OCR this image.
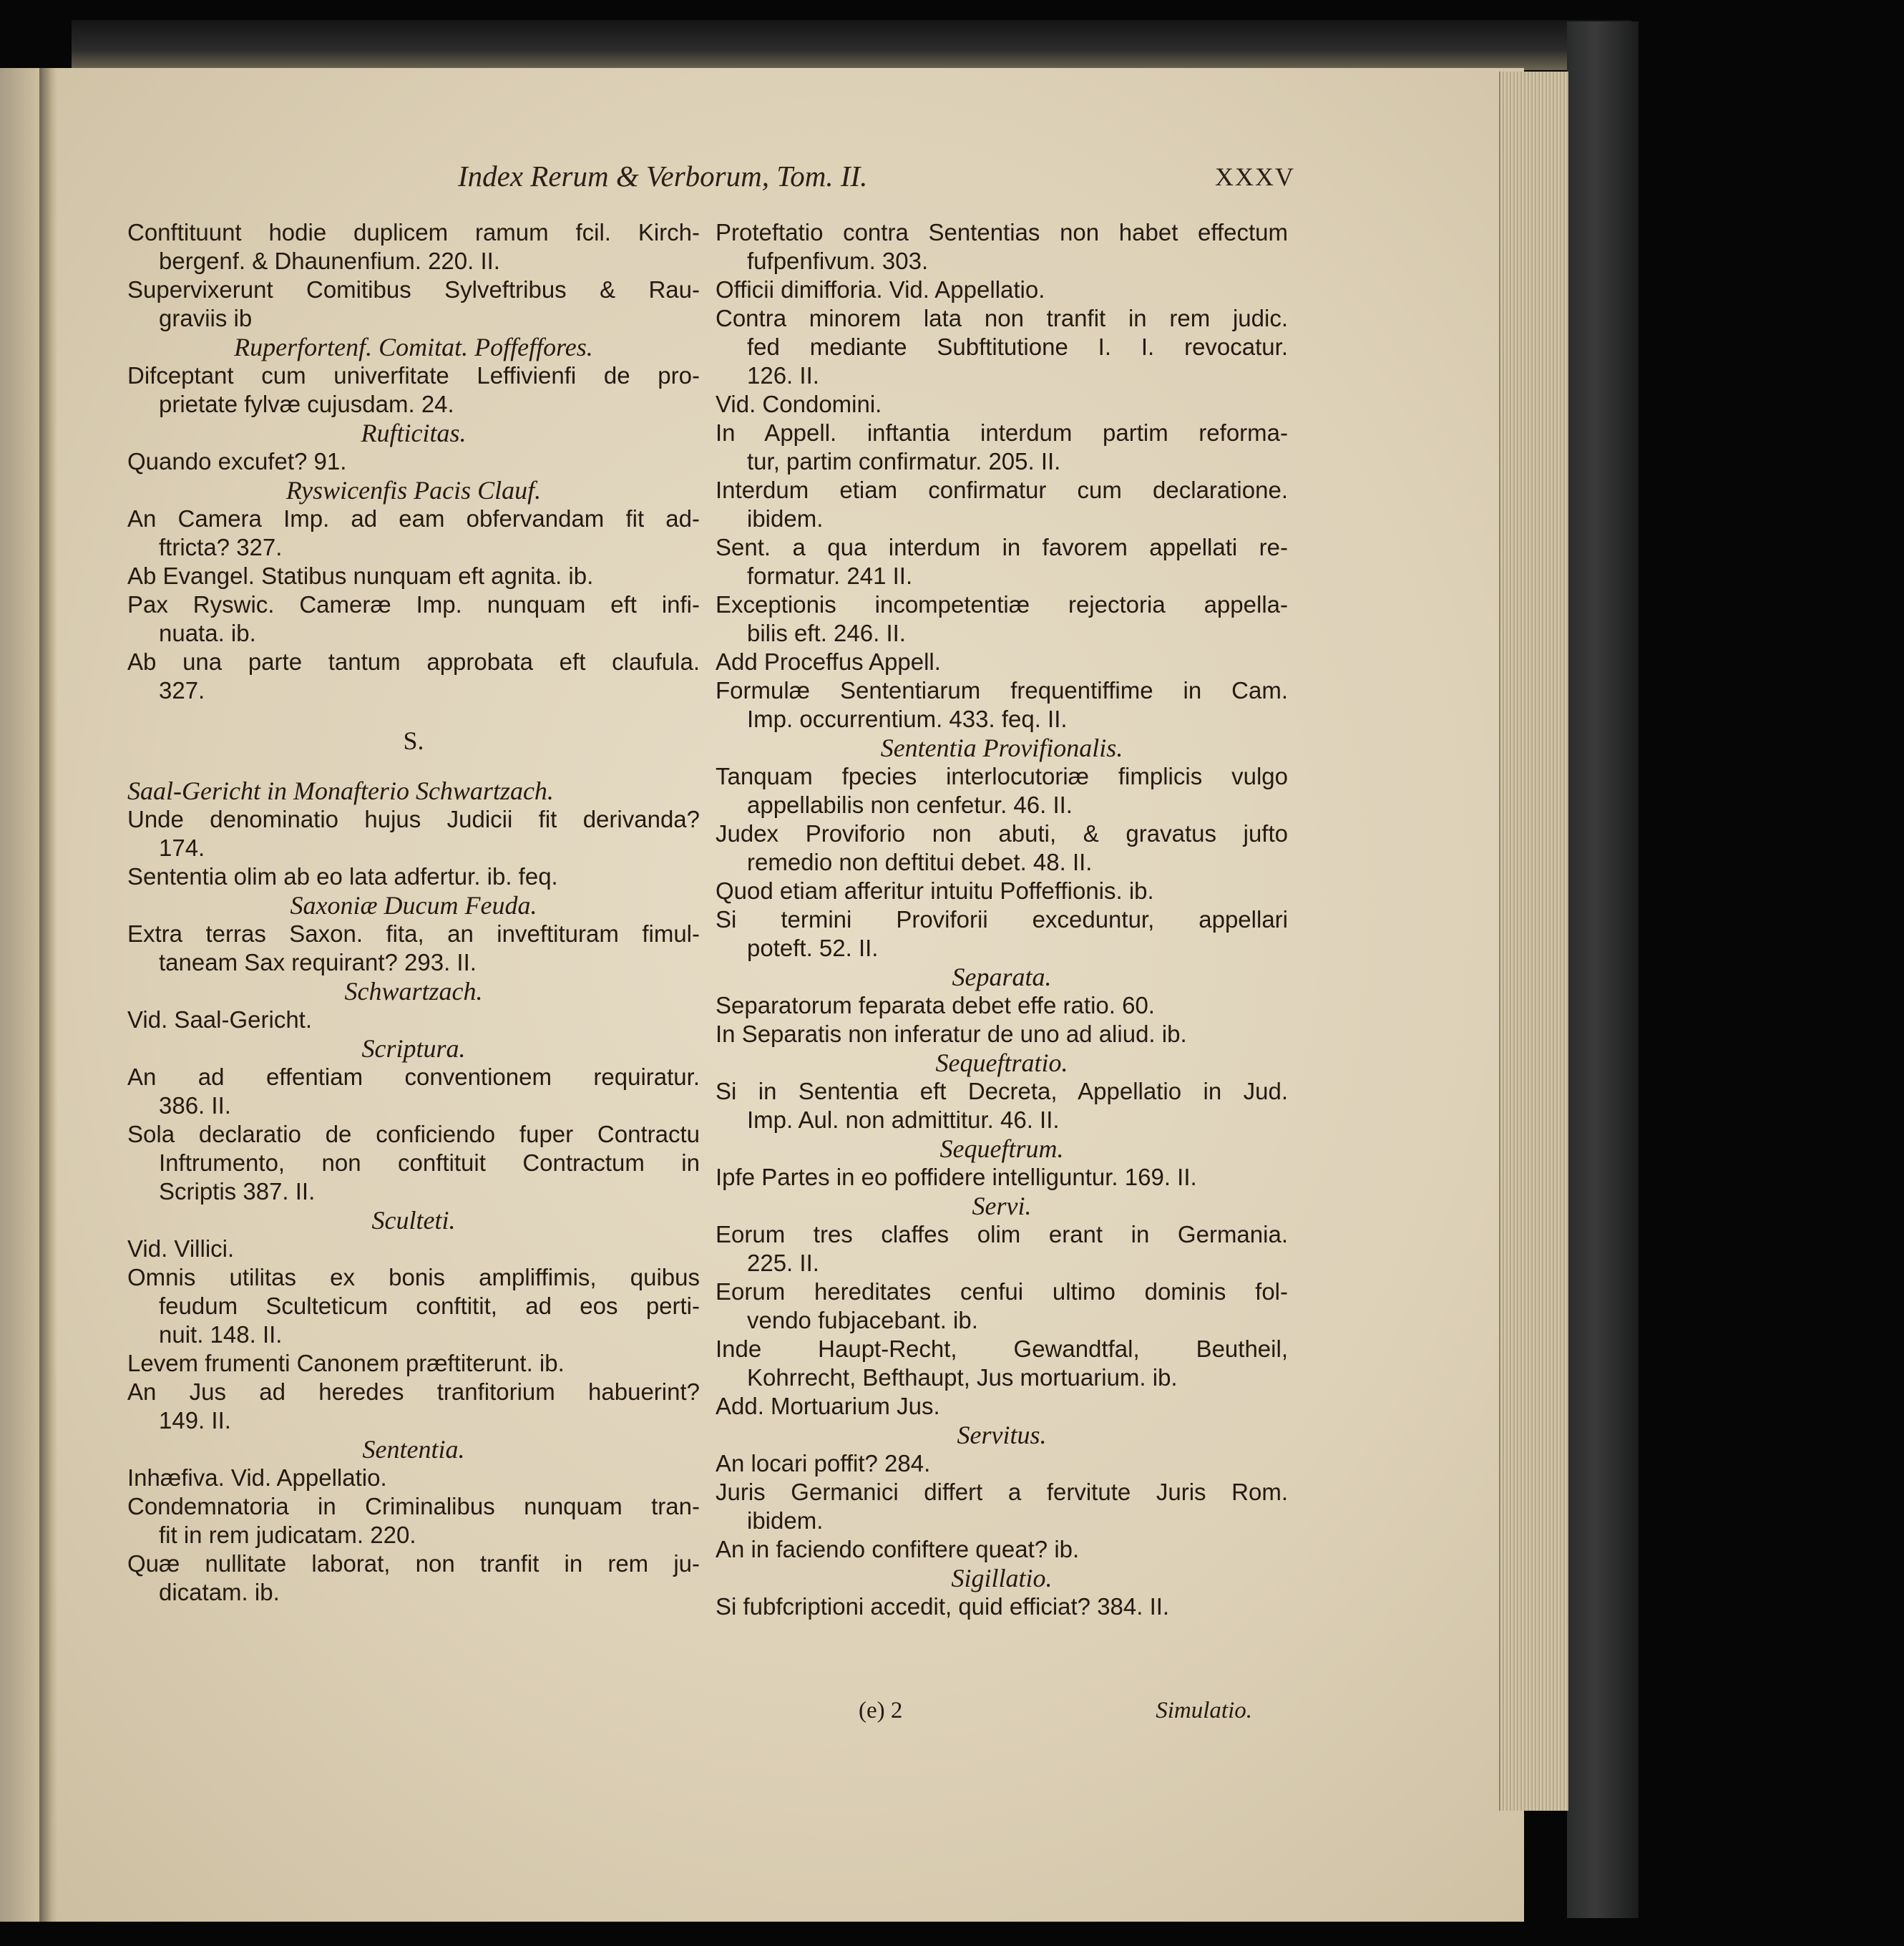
Index Rerum & Verborum, Tom. II.	XXXV
Conftituunt hodie duplicem ramum fcil. Kirch-
bergenf. & Dhaunenfium. 220. II.
Supervixerunt Comitibus Sylveftribus & Rau-
graviis ib
Ruperfortenf. Comitat. Poffeffores.
Difceptant cum univerfitate Leffivienfi de pro-
prietate fylvæ cujusdam. 24.
Rufticitas.
Quando excufet? 91.
Ryswicenfis Pacis Clauf.
An Camera Imp. ad eam obfervandam fit ad-
ftricta? 327.
Ab Evangel. Statibus nunquam eft agnita. ib.
Pax Ryswic. Cameræ Imp. nunquam eft infi-
nuata. ib.
Ab una parte tantum approbata eft claufula.
327.
S.
Saal-Gericht in Monafterio Schwartzach.
Unde denominatio hujus Judicii fit derivanda?
174.
Sententia olim ab eo lata adfertur. ib. feq.
Saxoniæ Ducum Feuda.
Extra terras Saxon. fita, an inveftituram fimul-
taneam Sax requirant? 293. II.
Schwartzach.
Vid. Saal-Gericht.
Scriptura.
An ad effentiam conventionem requiratur.
386. II.
Sola declaratio de conficiendo fuper Contractu
Inftrumento, non conftituit Contractum in
Scriptis 387. II.
Sculteti.
Vid. Villici.
Omnis utilitas ex bonis ampliffimis, quibus
feudum Sculteticum conftitit, ad eos perti-
nuit. 148. II.
Levem frumenti Canonem præftiterunt. ib.
An Jus ad heredes tranfitorium habuerint?
149. II.
Sententia.
Inhæfiva. Vid. Appellatio.
Condemnatoria in Criminalibus nunquam tran-
fit in rem judicatam. 220.
Quæ nullitate laborat, non tranfit in rem ju-
dicatam. ib.
Proteftatio contra Sententias non habet effectum
fufpenfivum. 303.
Officii dimifforia. Vid. Appellatio.
Contra minorem lata non tranfit in rem judic.
fed mediante Subftitutione I. I. revocatur.
126. II.
Vid. Condomini.
In Appell. inftantia interdum partim reforma-
tur, partim confirmatur. 205. II.
Interdum etiam confirmatur cum declaratione.
ibidem.
Sent. a qua interdum in favorem appellati re-
formatur. 241 II.
Exceptionis incompetentiæ rejectoria appella-
bilis eft. 246. II.
Add Proceffus Appell.
Formulæ Sententiarum frequentiffime in Cam.
Imp. occurrentium. 433. feq. II.
Sententia Provifionalis.
Tanquam fpecies interlocutoriæ fimplicis vulgo
appellabilis non cenfetur. 46. II.
Judex Proviforio non abuti, & gravatus jufto
remedio non deftitui debet. 48. II.
Quod etiam afferitur intuitu Poffeffionis. ib.
Si termini Proviforii exceduntur, appellari
poteft. 52. II.
Separata.
Separatorum feparata debet effe ratio. 60.
In Separatis non inferatur de uno ad aliud. ib.
Sequeftratio.
Si in Sententia eft Decreta, Appellatio in Jud.
Imp. Aul. non admittitur. 46. II.
Sequeftrum.
Ipfe Partes in eo poffidere intelliguntur. 169. II.
Servi.
Eorum tres claffes olim erant in Germania.
225. II.
Eorum hereditates cenfui ultimo dominis fol-
vendo fubjacebant. ib.
Inde Haupt-Recht, Gewandtfal, Beutheil,
Kohrrecht, Befthaupt, Jus mortuarium. ib.
Add. Mortuarium Jus.
Servitus.
An locari poffit? 284.
Juris Germanici differt a fervitute Juris Rom.
ibidem.
An in faciendo confiftere queat? ib.
Sigillatio.
Si fubfcriptioni accedit, quid efficiat? 384. II.
(e) 2	Simulatio.
